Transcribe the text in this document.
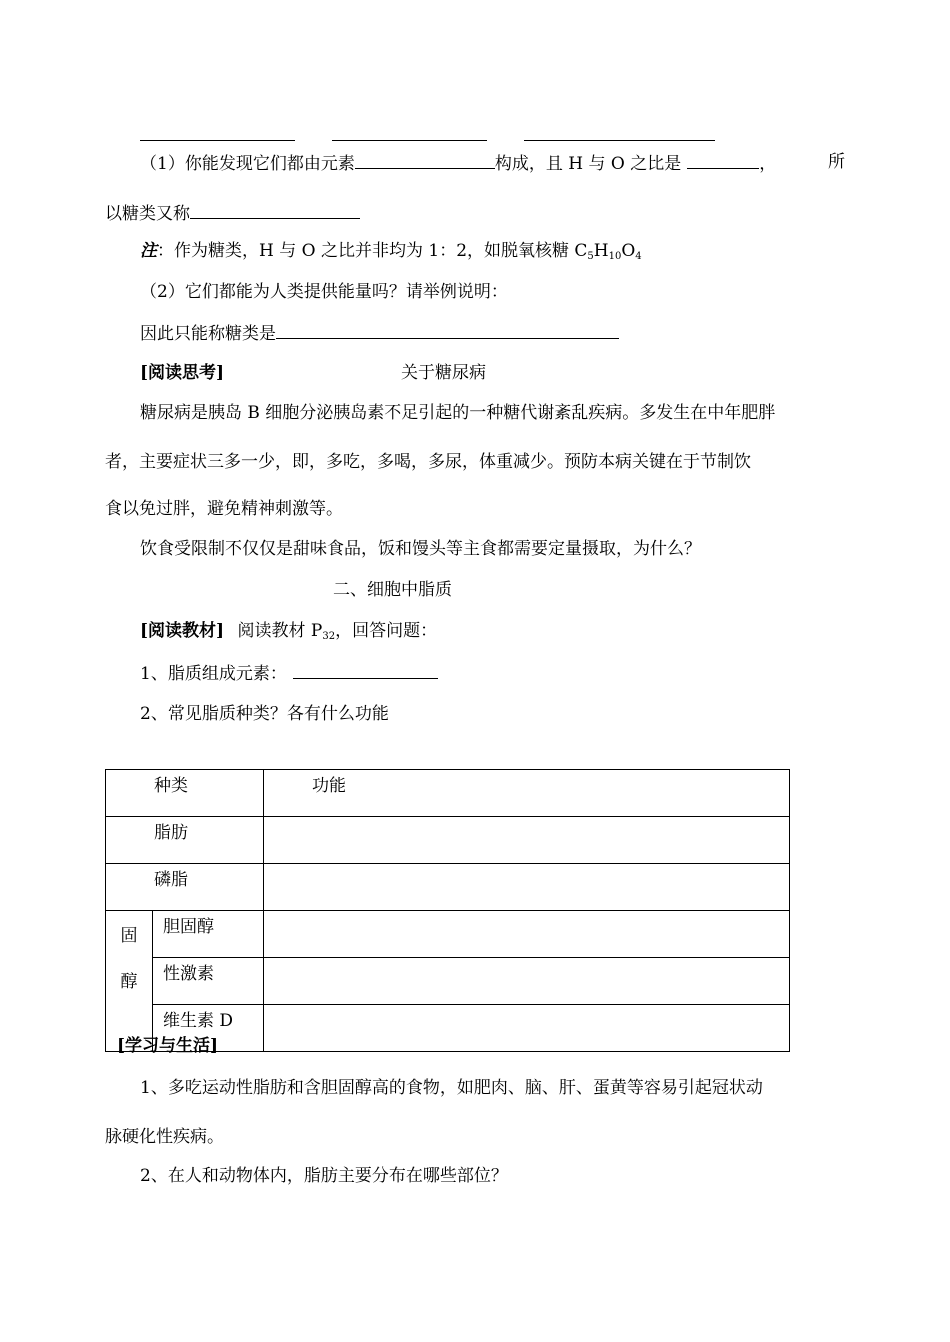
（1）你能发现它们都由元素	构成，且 H 与 O 之比是	，	所
以糖类又称
注：作为糖类，H 与 O 之比并非均为 1：2，如脱氧核糖 $C_5H_{10}O_4$
（2）它们都能为人类提供能量吗？请举例说明：
因此只能称糖类是
[阅读思考]	关于糖尿病
糖尿病是胰岛 B 细胞分泌胰岛素不足引起的一种糖代谢紊乱疾病。多发生在中年肥胖
者，主要症状三多一少，即，多吃，多喝，多尿，体重减少。预防本病关键在于节制饮
食以免过胖，避免精神刺激等。
饮食受限制不仅仅是甜味食品，饭和馒头等主食都需要定量摄取，为什么？
二、细胞中脂质
[阅读教材] 阅读教材 $P_{32}$，回答问题：
1、脂质组成元素：
2、常见脂质种类？各有什么功能
种类		功能
脂肪		
磷脂		

固
醇	胆固醇	
	性激素	
	维生素 D	
[学习与生活]
1、多吃运动性脂肪和含胆固醇高的食物，如肥肉、脑、肝、蛋黄等容易引起冠状动
脉硬化性疾病。
2、在人和动物体内，脂肪主要分布在哪些部位？
